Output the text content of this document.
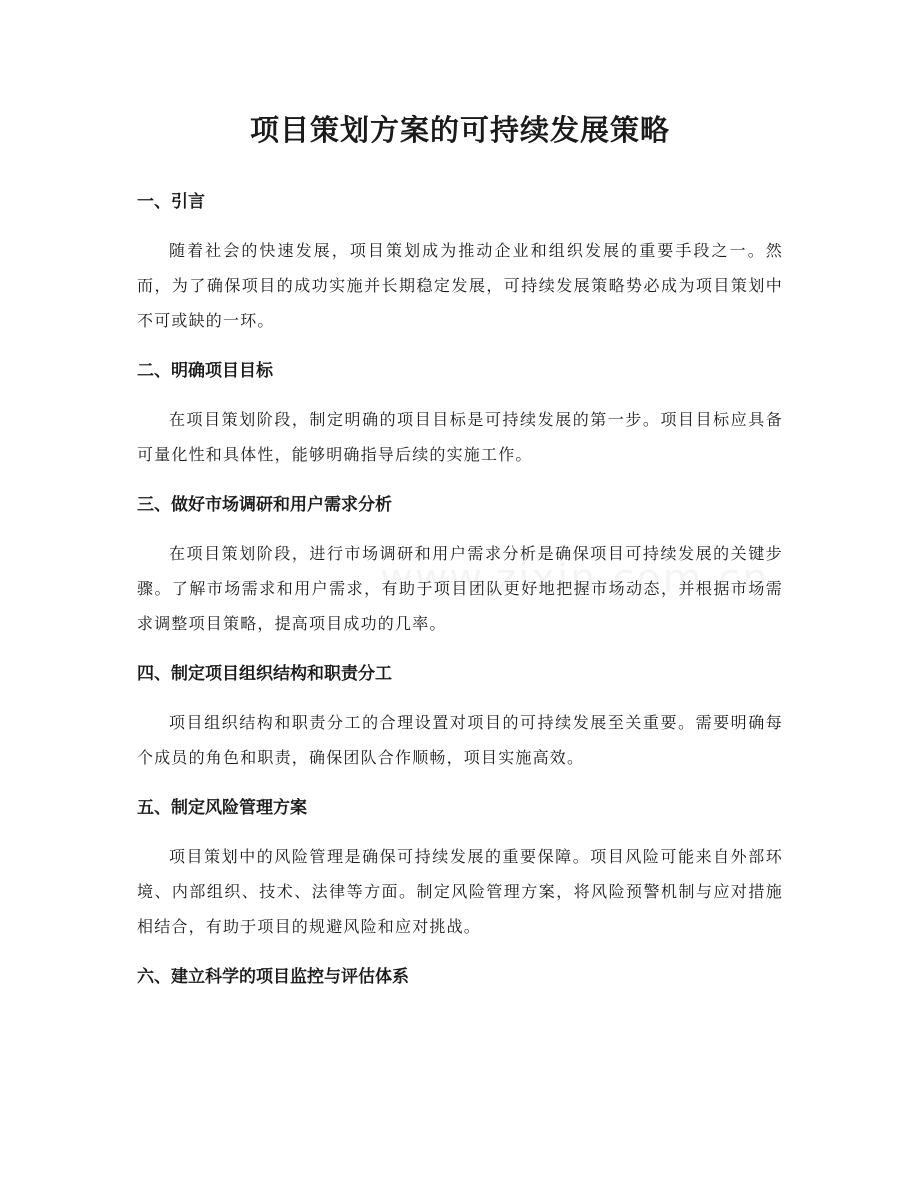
项目策划方案的可持续发展策略
一、引言

随着社会的快速发展，项目策划成为推动企业和组织发展的重要手段之一。然而，为了确保项目的成功实施并长期稳定发展，可持续发展策略势必成为项目策划中不可或缺的一环。

二、明确项目目标

在项目策划阶段，制定明确的项目目标是可持续发展的第一步。项目目标应具备可量化性和具体性，能够明确指导后续的实施工作。

三、做好市场调研和用户需求分析

在项目策划阶段，进行市场调研和用户需求分析是确保项目可持续发展的关键步骤。了解市场需求和用户需求，有助于项目团队更好地把握市场动态，并根据市场需求调整项目策略，提高项目成功的几率。

四、制定项目组织结构和职责分工

项目组织结构和职责分工的合理设置对项目的可持续发展至关重要。需要明确每个成员的角色和职责，确保团队合作顺畅，项目实施高效。

五、制定风险管理方案

项目策划中的风险管理是确保可持续发展的重要保障。项目风险可能来自外部环境、内部组织、技术、法律等方面。制定风险管理方案，将风险预警机制与应对措施相结合，有助于项目的规避风险和应对挑战。

六、建立科学的项目监控与评估体系
